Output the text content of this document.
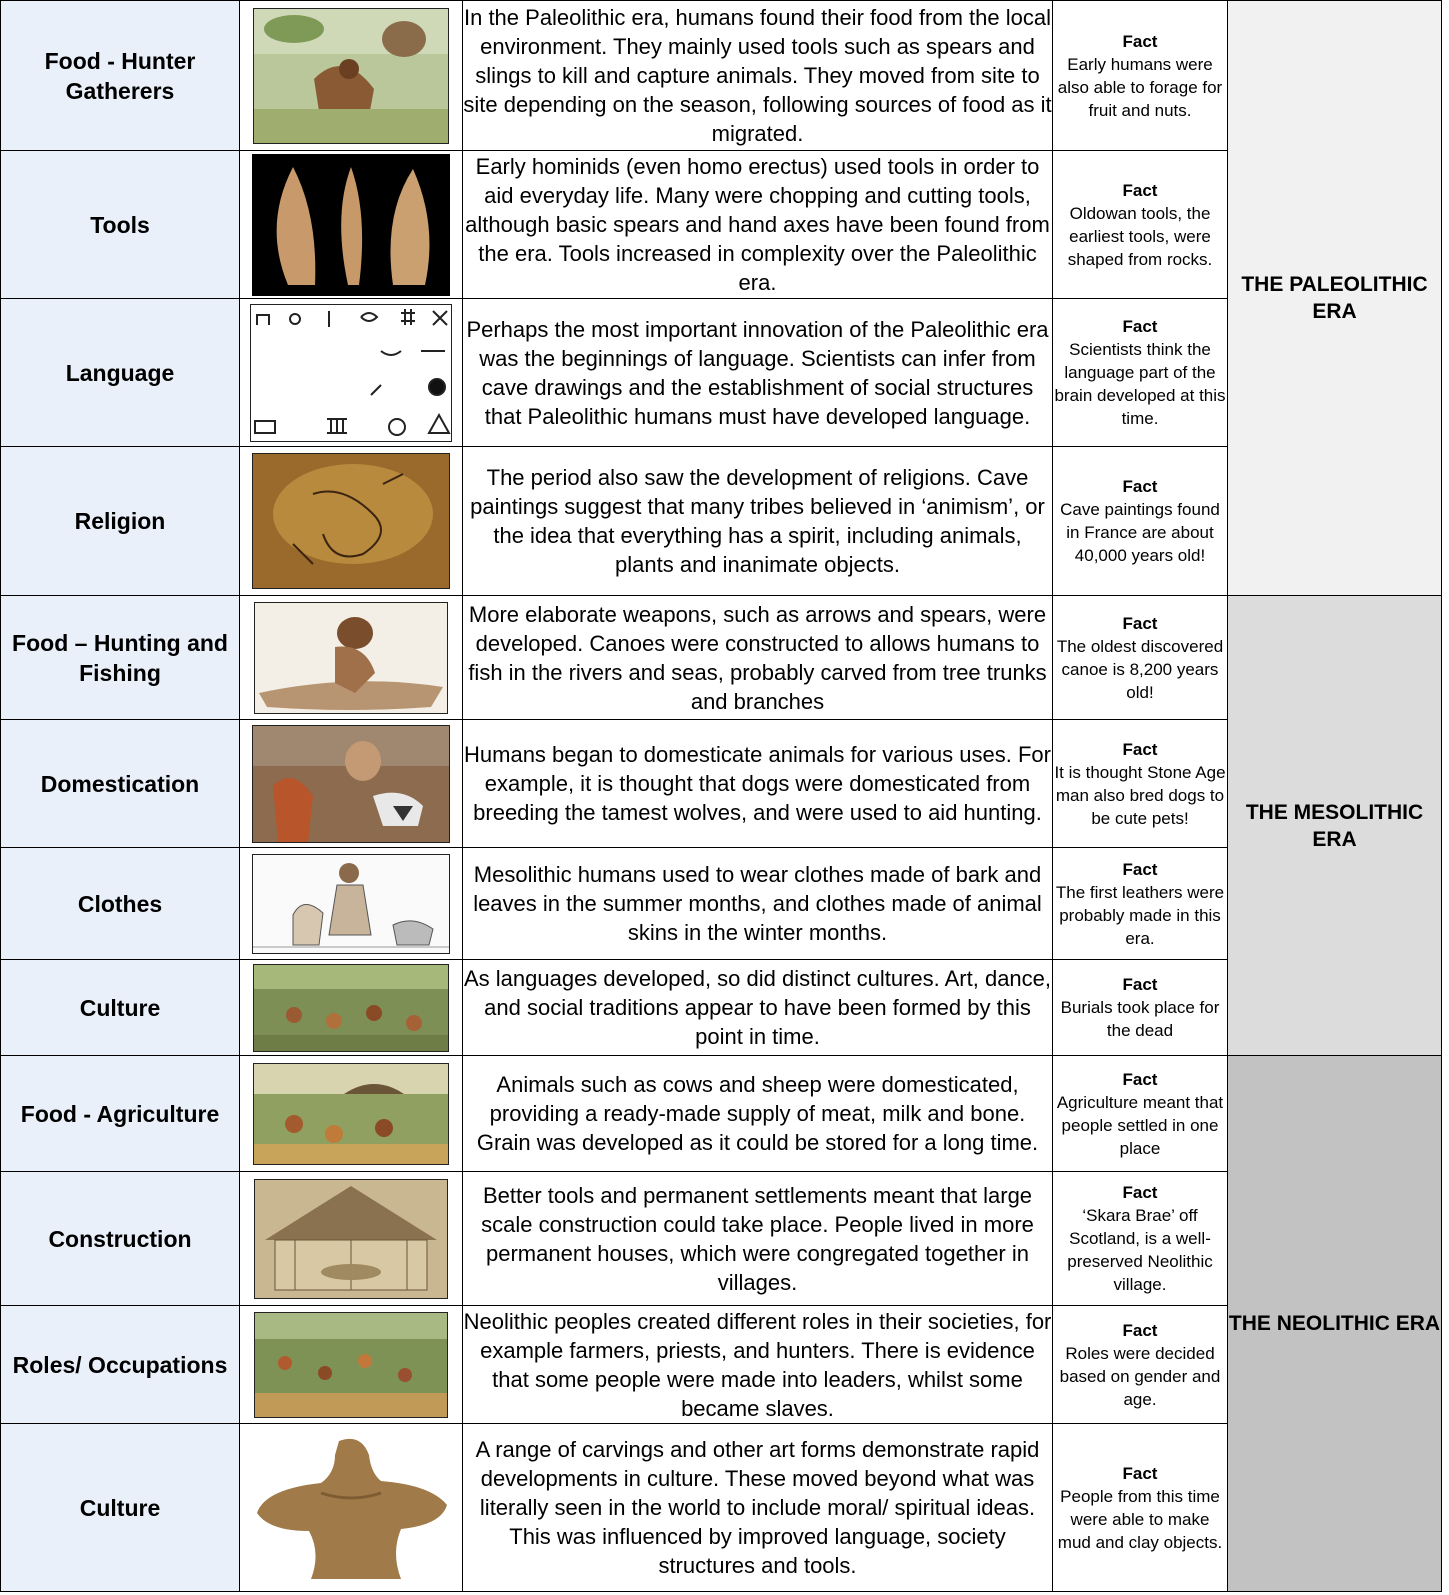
Food - Hunter Gatherers		In the Paleolithic era, humans found their food from the local environment. They mainly used tools such as spears and slings to kill and capture animals. They moved from site to site depending on the season, following sources of food as it migrated.	Fact
Early humans were also able to forage for fruit and nuts.	THE PALEOLITHIC ERA
Tools		Early hominids (even homo erectus) used tools in order to aid everyday life. Many were chopping and cutting tools, although basic spears and hand axes have been found from the era. Tools increased in complexity over the Paleolithic era.	Fact
Oldowan tools, the earliest tools, were shaped from rocks.	
Language		Perhaps the most important innovation of the Paleolithic era was the beginnings of language. Scientists can infer from cave drawings and the establishment of social structures that Paleolithic humans must have developed language.	Fact
Scientists think the language part of the brain developed at this time.	
Religion		The period also saw the development of religions. Cave paintings suggest that many tribes believed in ‘animism’, or the idea that everything has a spirit, including animals, plants and inanimate objects.	Fact
Cave paintings found in France are about 40,000 years old!	
Food – Hunting and Fishing		More elaborate weapons, such as arrows and spears, were developed. Canoes were constructed to allows humans to fish in the rivers and seas, probably carved from tree trunks and branches	Fact
The oldest discovered canoe is 8,200 years old!	THE MESOLITHIC ERA
Domestication		Humans began to domesticate animals for various uses. For example, it is thought that dogs were domesticated from breeding the tamest wolves, and were used to aid hunting.	Fact
It is thought Stone Age man also bred dogs to be cute pets!	
Clothes		Mesolithic humans used to wear clothes made of bark and leaves in the summer months, and clothes made of animal skins in the winter months.	Fact
The first leathers were probably made in this era.	
Culture		As languages developed, so did distinct cultures. Art, dance, and social traditions appear to have been formed by this point in time.	Fact
Burials took place for the dead	
Food - Agriculture		Animals such as cows and sheep were domesticated, providing a ready-made supply of meat, milk and bone. Grain was developed as it could be stored for a long time.	Fact
Agriculture meant that people settled in one place	THE NEOLITHIC ERA
Construction		Better tools and permanent settlements meant that large scale construction could take place. People lived in more permanent houses, which were congregated together in villages.	Fact
‘Skara Brae’ off Scotland, is a well-preserved Neolithic village.	
Roles/ Occupations		Neolithic peoples created different roles in their societies, for example farmers, priests, and hunters. There is evidence that some people were made into leaders, whilst some became slaves.	Fact
Roles were decided based on gender and age.	
Culture		A range of carvings and other art forms demonstrate rapid developments in culture. These moved beyond what was literally seen in the world to include moral/ spiritual ideas. This was influenced by improved language, society structures and tools.	Fact
People from this time were able to make mud and clay objects.	
